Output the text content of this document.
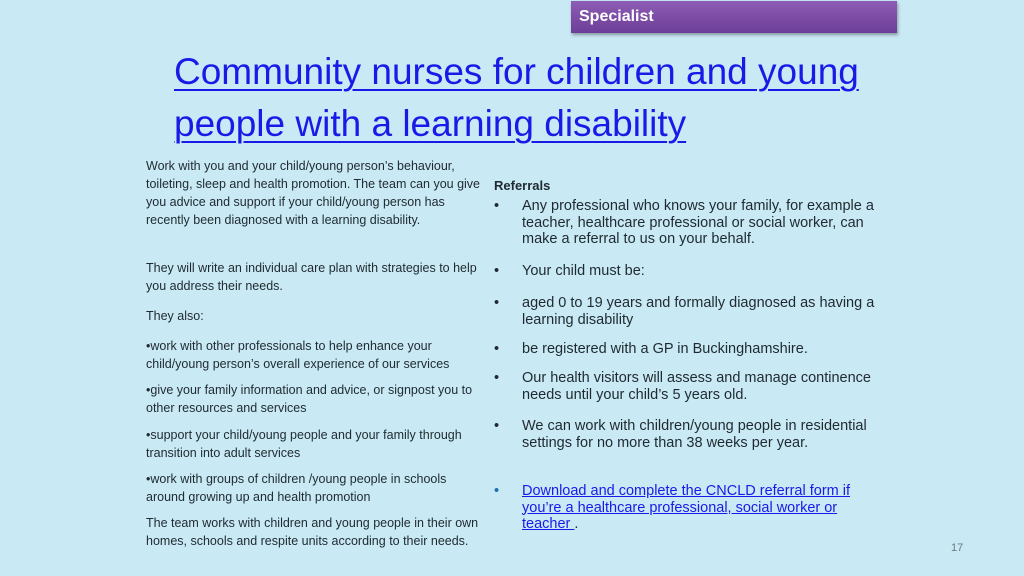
Specialist
Community nurses for children and young people with a learning disability

Work with you and your child/young person’s behaviour, toileting, sleep and health promotion. The team can you give you advice and support if your child/young person has recently been diagnosed with a learning disability.

They will write an individual care plan with strategies to help you address their needs.

They also:

•work with other professionals to help enhance your child/young person’s overall experience of our services

•give your family information and advice, or signpost you to other resources and services

•support your child/young people and your family through transition into adult services

•work with groups of children /young people in schools around growing up and health promotion

The team works with children and young people in their own homes, schools and respite units according to their needs.

Referrals

•	Any professional who knows your family, for example a teacher, healthcare professional or social worker, can make a referral to us on your behalf.
•	Your child must be:
•	aged 0 to 19 years and formally diagnosed as having a learning disability
•	be registered with a GP in Buckinghamshire.
•	Our health visitors will assess and manage continence needs until your child’s 5 years old.
•	We can work with children/young people in residential settings for no more than 38 weeks per year.
•	Download and complete the CNCLD referral form if you’re a healthcare professional, social worker or teacher .
17
